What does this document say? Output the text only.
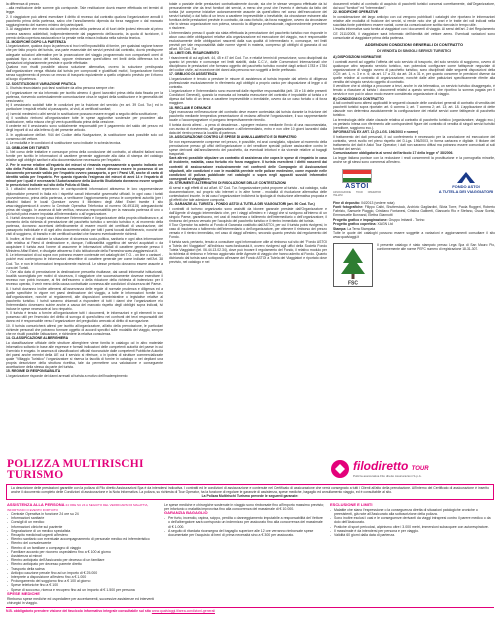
la differenza di prezzo.

...alla restituzione delle somme già corrisposte. Tale restituzione dovrà essere effettuata nei termini di legge.

2. Il viaggiatore può altresì esercitare il diritto di recesso dal contratto qualora l'organizzatore annulli il pacchetto prima della partenza, salvo che l'annullamento dipenda da forza maggiore o dal mancato raggiungimento del numero minimo dei partecipanti.

3. Al viaggiatore che receda dal contratto prima della partenza al di fuori delle ipotesi elencate al primo comma saranno addebitati, indipendentemente dal pagamento dell'acconto, la quota di iscrizione, il premio della copertura assicurativa e la penale nella misura indicata nella scheda tecnica.

11. MODIFICHE DOPO LA PARTENZA

L'organizzatore, qualora dopo la partenza si trovi nell'impossibilità di fornire, per qualsiasi ragione tranne che per fatto proprio del turista, una parte essenziale dei servizi previsti dal contratto, dovrà predisporre adeguate soluzioni alternative per la prosecuzione del viaggio programmato non comportanti oneri di qualsiasi tipo a carico del turista, oppure rimborsare quest'ultimo nei limiti della differenza tra le prestazioni originariamente previste e quelle effettuate.

Qualora non risulti possibile alcuna soluzione alternativa, ovvero la soluzione predisposta dall'organizzatore venga rifiutata dal turista per comprovati e giustificati motivi, l'organizzatore fornirà senza supplemento di prezzo un mezzo di trasporto equivalente a quello originario previsto per il ritorno al luogo di partenza.

12. SOSTITUZIONI E VARIAZIONE PRATICA

1. Il turista rinunciatario può farsi sostituire da altra persona sempre che:

a) l'organizzatore ne sia informato per iscritto almeno 4 giorni lavorativi prima della data fissata per la partenza, ricevendo contestualmente comunicazione circa le ragioni della sostituzione e le generalità del cessionario;

b) il cessionario soddisfi tutte le condizioni per la fruizione del servizio (ex art. 39 Cod. Tur.) ed in particolare i requisiti relativi al passaporto, ai visti, ai certificati sanitari;

c) i servizi medesimi o altri servizi in sostituzione possano essere erogati a seguito della sostituzione;

d) il sostituto rimborsi all'organizzatore tutte le spese aggiuntive sostenute per procedere alla sostituzione, nella misura che gli verrà quantificata prima della cessione.

Il cedente ed il cessionario sono solidalmente responsabili per il pagamento del saldo del prezzo ed degli importi di cui alla lettera d) del presente articolo.

3. In applicazione dell'art. 944 del Codice della Navigazione, la sostituzione sarà possibile solo col consenso del vettore.

4. Le modalità e le condizioni di sostituzione sono indicate in scheda tecnica.

13. OBBLIGHI DEI TURISTI

1. Nel corso delle trattative e comunque prima della conclusione del contratto, ai cittadini italiani sono fornite per iscritto le informazioni di carattere generale aggiornate alla data di stampa del catalogo relative agli obblighi sanitari e alla documentazione necessaria per l'espatrio.

2. Per le norme relative all'espatrio dei minori si rimanda espressamente a quanto indicato nel sito della Polizia di Stato. Si precisa comunque che i minori devono essere in possesso di un documento personale valido per l'espatrio ovvero passaporto, o per i Paesi UE, anche di carta di identità valida per l'espatrio. Per quanto riguarda l'esigenza dei minori di anni 14 e l'espatrio di minori per i quali è necessaria l'Autorizzazione della Autorità Giudiziaria dovranno essere seguite le prescrizioni indicate sul sito della Polizia di Stato.

3. I cittadini stranieri reperiranno le corrispondenti informazioni attraverso le loro rappresentanze diplomatiche presenti in Italia e/o i rispettivi canali informativi governativi ufficiali. In ogni caso i turisti provvederanno, prima della partenza, a verificarne l'aggiornamento presso le competenti autorità (per i cittadini italiani le locali Questure ovvero il Ministero degli Affari Esteri tramite il sito www.viaggiaresicuri.it ovvero la Centrale Operativa Telefonica al numero 06.491115) adeguandovisi prima del viaggio. In assenza di tale verifica, nessuna responsabilità per la mancata partenza di uno o più turisti potrà essere imputata all'intermediario o all'organizzatore.

4. I turisti dovranno in ogni caso informare l'intermediario e l'organizzatore della propria cittadinanza e, al momento della richiesta di prenotazione del pacchetto turistico o servizio turistico e, al momento della partenza, dovranno accertarsi definitivamente di essere muniti dei certificati di vaccinazione, del passaporto individuale e di ogni altro documento valido per tutti i paesi toccati dall'itinerario, nonché dei visti di soggiorno, di transito e dei certificati sanitari che fossero eventualmente richiesti.

5. Inoltre, al fine di valutare la situazione di sicurezza socio-politica, sanitaria e ogni altra informazione utile relativa ai Paesi di destinazione e, dunque, l'utilizzabilità oggettiva dei servizi acquistati o da acquistare il turista avrà l'onere di assumere le informazioni ufficiali di carattere generale presso il Ministero Affari Esteri, e divulgate attraverso il sito istituzionale della Farnesina www.viaggiaresicuri.it.

6. Le informazioni di cui sopra non potranno essere contenute nei cataloghi dei T.O. - on line o cartacei - poiché essi contengono le informazioni descrittive di carattere generale per come indicate nell'Art. 38 Cod. Tur. e non le informazioni temporalmente mutevoli. Le stesse pertanto dovranno essere assunte a cura dei Turisti.

7. Ove alla data di prenotazione la destinazione prescelta risultasse, dai canali informativi istituzionali, località sconsigliata per motivi di sicurezza, il viaggiatore che successivamente dovesse esercitare il recesso non potrà invocare, ai fini dell'esonero o della riduzione della richiesta di indennizzo per il recesso operato, il venir meno della causa contrattuale connessa alle condizioni di sicurezza del Paese.

8. I turisti dovranno inoltre attenersi all'osservanza delle regole di normale prudenza e diligenza ed a quelle specifiche in vigore nei paesi destinazione del viaggio, a tutte le informazioni fornite loro dall'organizzatore, nonché ai regolamenti, alle disposizioni amministrative o legislative relative al pacchetto turistico. I turisti saranno chiamati a rispondere di tutti i danni che l'organizzatore e/o l'intermediario dovessero subire anche a causa del mancato rispetto degli obblighi sopra indicati, ivi incluse le spese necessarie al loro rimpatrio.

9. Il turista è tenuto a fornire all'organizzatore tutti i documenti, le informazioni e gli elementi in suo possesso utili per l'esercizio del diritto di surroga di quest'ultimo nei confronti dei terzi responsabili del danno ed è responsabile verso l'organizzatore del pregiudizio arrecato al diritto di surrogazione.

10. Il turista comunicherà altresì per iscritto all'organizzatore, all'atto della prenotazione, le particolari richieste personali che potranno formare oggetto di accordi specifici sulle modalità del viaggio, sempre che ne risulti possibile l'attuazione, e richiedere la relativa consulenza.

14. CLASSIFICAZIONE ALBERGHIERA

La classificazione ufficiale delle strutture alberghiere viene fornita in catalogo od in altro materiale informativo soltanto in base alle espresse e formali indicazioni delle competenti autorità del paese in cui il servizio è erogato. In assenza di classificazioni ufficiali riconosciute dalle competenti Pubbliche Autorità dei paesi anche membri della UE cui il servizio si riferisce, o in ipotesi di strutture commercializzate quale "Villaggio Turistico" l'organizzatore si riserva la facoltà di fornire in catalogo o nel depliant una propria descrizione della struttura ricettiva, tale da permettere una valutazione e conseguente accettazione della stessa da parte del turista.

15. REGIME DI RESPONSABILITÀ

L'organizzatore risponde dei danni arrecati al turista a motivo dell'inadempimento

totale o parziale delle prestazioni contrattualmente dovute, sia che le stesse vengano effettuate da lui personalmente che da terzi fornitori dei servizi, a meno che provi che l'evento è derivato da fatto del turista (ivi comprese iniziative autonomamente assunte da quest'ultimo nel corso dell'esecuzione dei servizi turistici) o dal fatto di un terzo a carattere imprevedibile o inevitabile, da circostanze estranee alla fornitura delle prestazioni previste in contratto, da caso fortuito, da forza maggiore, ovvero da circostanze che lo stesso organizzatore non poteva, secondo la diligenza professionale, ragionevolmente prevedere o risolvere.

L'intermediario presso il quale sia stata effettuata la prenotazione del pacchetto turistico non risponde in alcun caso delle obbligazioni relative alla organizzazione ed esecuzione del viaggio, ma è responsabile esclusivamente delle obbligazioni nascenti dalla sua qualità di intermediario e, comunque, nei limiti previsti per tale responsabilità dalle norme vigenti in materia, compreso gli obblighi di garanzia di cui all'art. 50 Cod. Tur.

16. LIMITI DEL RISARCIMENTO

I risarcimenti di cui agli artt. 44, 45 e 47 del Cod. Tur. e relativi termini di prescrizione, sono disciplinati da quanto ivi previsto e comunque nei limiti stabiliti, dalla C.C.V., dalle Convenzioni Internazionali che disciplinano le prestazioni che formano oggetto del pacchetto turistico nonché dagli articoli 1783 e 1784 del codice civile, ad eccezione dei danni alla persona non soggetti a limite prefissato.

17. OBBLIGO DI ASSISTENZA

L'organizzatore è tenuto a prestare le misure di assistenza al turista imposte dal criterio di diligenza professionale esclusivamente in riferimento agli obblighi a proprio carico per disposizione di legge o di contratto.

L'organizzatore e l'intermediario sono esonerati dalle rispettive responsabilità (artt. 15 e 16 delle presenti Condizioni Generali), quando la mancata od inesatta esecuzione del contratto è imputabile al turista o è dipesa dal fatto di un terzo a carattere imprevedibile o inevitabile, ovvero da un caso fortuito o di forza maggiore.

18. RECLAMI E DENUNCE

Ogni mancanza nell'esecuzione del contratto deve essere contestata dal turista durante la fruizione del pacchetto mediante tempestiva presentazione di reclamo affinché l'organizzatore, il suo rappresentante locale o l'accompagnatore vi pongano tempestivamente rimedio.

Il turista dovrà altresì - a pena di decadenza - sporgere reclamo mediante l'invio di una raccomandata, con avviso di ricevimento, all'organizzatore o all'intermediario, entro e non oltre 10 giorni lavorativi dalla data del rientro presso la località di partenza.

19. ASSICURAZIONE CONTRO LE SPESE DI ANNULLAMENTO E DI RIMPATRIO

Se non espressamente comprese nel prezzo, è possibile, ed anzi consigliato, stipulare al momento della prenotazione presso gli uffici dell'organizzatore o del venditore speciali polizze assicurative contro le spese derivanti dall'annullamento del pacchetto, da eventuali infortuni e da vicende relative ai bagagli trasportati.

Sarà altresì possibile stipulare un contratto di assistenza che copra le spese di rimpatrio in caso di incidente, malattia, caso fortuito e/o forza maggiore. Il turista eserciterà i diritti nascenti dai contratti di assicurazione esclusivamente nei confronti delle Compagnie di Assicurazioni stipulanti, alle condizioni e con le modalità previste nelle polizze medesime, come esposte nelle condizioni di polizza pubblicate nei cataloghi o sopra negli appositi sussidi informativi consegnati al viaggiatore.

20. STRUMENTI ALTERNATIVI DI RISOLUZIONE DELLE CONTESTAZIONI

Ai sensi e agli effetti di cui all'art. 67 Cod. Tur. l'organizzatore potrà proporre al turista - sul catalogo, sulla documentazione, sul proprio sito internet o in altre forme - modalità di risoluzione alternativa delle contestazioni insorte. In tal caso l'organizzatore indicherà la tipologia di risoluzione alternativa proposta e gli effetti che tale adesione comporta.

21. GARANZIE AL TURISTA - FONDO ASTOI A TUTELA DEI VIAGGIATORI (art. 50 Cod. Tur.)

I contratti di turismo organizzato sono assistiti da idonee garanzie prestate dall'Organizzatore e dall'Agente di viaggio intermediario che, per i viaggi all'estero e i viaggi che si svolgono all'interno di un singolo Paese, garantiscono, nei casi di insolvenza o fallimento dell'intermediario o dell'organizzatore, il rimborso del prezzo versato per l'acquisto del pacchetto turistico e il rientro immediato del turista.

Il Tour Operator ha aderito al Fondo di Garanzia costituito dall'ASTOI, per cui il turista potrà rivolgersi, in caso di insolvenza o fallimento dell'intermediario o dell'organizzatore, per ottenere il rimborso del prezzo versato e il rientro immediato, nel caso di viaggi all'estero, secondo quanto previsto dal regolamento del Fondo.

Il turista sarà, pertanto, tenuto a consultare ogni informazione utile al rimborso sul sito del "Fondo ASTOI a Tutela dei Viaggiatori" all'indirizzo www.fondoastoi.it, ovvero rivolgersi agli uffici della Società Fondo Tutela Viaggiatori (tel. 06.44.13.02.34), dove può trovare il regolamento del Fondo, il relativo modulo per la richiesta di rimborso e l'elenco aggiornato delle Agenzie di viaggio che hanno aderito al Fondo. Quanto dichiarato dal turista sarà sottoposto all'esame del Fondo ASTOI a Tutela dei Viaggiatori e riportato dove previsto, nel catalogo e nei

documenti relativi al contratto di acquisto di pacchetti turistici concessi correttamente, dall'Organizzatore, dai suoi "fornitori" ed "Intermediari".

22. MODIFICHE OPERATIVE

In considerazione del largo anticipo con cui vengono pubblicati i cataloghi che riportano le informazioni relative alle modalità di fruizione dei servizi, si rende noto che gli orari e le tratte dei voli indicati nella succitata fonte potrebbero essere variati, come da comunicazione scritta ricevuta in tempo utile.

L'esatta informativa sarà fornita ai viaggiatori con i documenti di viaggio. Ai sensi dell'art. 2 del Regolamento CE 2111/2005, il viaggiatore sarà informato dell'identità del vettore aereo. Eventuali variazioni sono comunicate al viaggiatore prima della partenza.

ADDENDUM CONDIZIONI GENERALI DI CONTRATTO
DI VENDITA DI SINGOLI SERVIZI TURISTICI

A) DISPOSIZIONI NORMATIVE

I contratti aventi ad oggetto l'offerta del solo servizio di trasporto, del solo servizio di soggiorno, ovvero di qualunque altro separato servizio turistico, non potendosi configurare come fattispecie negoziale di organizzazione di viaggio ovvero di pacchetto turistico, sono disciplinati dalle seguenti disposizioni della CCV: art. 1, n. 3 e n. 6; da art. 17 a 23; da art. 24 a 31 e, per quanto concerne le previsioni diverse da quelle relative al contratto di organizzazione, nonché dalle altre pattuizioni specificamente riferite alla vendita del singolo servizio oggetto di contratto.

Il venditore che si obbliga a procurare a terzi, anche in via telematica, un servizio turistico disaggregato, è tenuto a rilasciare al turista i documenti relativi a questo servizio, che riportino la somma pagata per il servizio e non può in alcun modo essere considerato organizzatore di viaggio.

B) CONDIZIONI DI CONTRATTO

A tali contratti sono altresì applicabili le seguenti clausole delle condizioni generali di contratto di vendita dei pacchetti turistici sopra riportate: art. 6 comma 1; art. 7 comma 2; art. 13; art. 18. L'applicazione di dette clausole non determina assolutamente la configurazione dei relativi servizi come fattispecie di pacchetto turistico.

La terminologia delle citate clausole relativa al contratto di pacchetto turistico (organizzatore, viaggio ecc.) va pertanto intesa con riferimento alle corrispondenti figure del contratto di vendita di singoli servizi turistici (venditore, soggiorno ecc.).

INFORMATIVA EX ART. 13 (D.LGS. 196/2003 e norme)

Il trattamento dei dati personali, il cui conferimento è necessario per la conclusione ed esecuzione del contratto, verrà svolto nel pieno rispetto del D.Lgs. 196/2003, in forma cartacea e digitale. Il titolare del trattamento dei dati è Astoi Tour Operator; i dati non saranno diffusi ma potranno essere comunicati ai soli fornitori dei servizi.

Comunicazione obbligatoria ai sensi dell'articolo 17 della legge n° 38/2006.

La legge italiana punisce con la reclusione i reati concernenti la prostituzione e la pornografia minorile, anche se gli stessi sono commessi all'estero.

ASTOI
ASSOCIAZIONE TOUR OPERATOR ITALIANI
FONDO ASTOI
A TUTELA DEI VIAGGIATORI

Fine di deposito: 04/2013 (vedere nota)

Fonti fotografiche: Filippo Calbi, Shutterstock, Archivio Gagliardini, Silvia Torre, Paola Ruggeri, Roberto Fabrizio, Samuele Piaggio, Cristiano Fontanesi, Cristina Galiberti, Giancarlo Rio e Stefano, Oscar Scelsi, Emmanuelle Bonnand, Elettra Giannotti

Progetto grafico e impaginazione: Gruppo Imbardi - Torino

Progetto grafico copertina: XAGN Ltd

Stampa: La Terra Stampata

Tutte le quote dei cataloghi possono essere soggette a variazioni e aggiornamenti consultare il sito www.qualviaggi.it

FSC
Il presente catalogo è stato stampato presso Lega Spa di San Mauro Pio, conformemente alle norme PEFC numero di registrazione 18-31-307.
POLIZZA MULTIRISCHI
TURISMO
filodiretto TOUR
Polizza assicurativa Filo diretto Assicurazioni S.p.A.

La descrizione delle prestazioni garantite con la polizza di Filo diretto Assicurazioni Spa è da intendersi indicativa. I contratti ed le condizioni di assicurazione e contenute nel Certificato di assicurazione che verrà consegnato a tutti i Clienti all'atto della prenotazione. All'interno del Certificato di assicurazione è inserito anche il documento completo delle Condizioni di assicurazione e la Nota Informativa. La polizza, su richiesta di Tour Operator, ha la funzione di regolare le garanzie di assistenza, spese mediche, bagaglio ed annullamento viaggio, ed è consultabile al sito.

La Polizza Multirischi Turismo prevede le seguenti garanzie:

ASSISTENZA ALLA PERSONA 24 ORE SU 24 A SEGUITO DEL VERIFICARSI DI MALATTIA, INFORTUNIO O EVENTO FORTUITO
- Centrale Operativa in funzione 24 ore su 24
- Informazioni sanitarie
- Consigli di un medico
- Informazioni cliniche sul paziente
- Segnalazione di un medico specialista
- Recapito medicinali urgenti all'estero
- Rientro sanitario con eventuale accompagnamento di personale medico ed infermieristico
- Rientro del convalescente
- Rientro di un familiare o compagno di viaggio
- Familiare accanto per ricovero ospedaliero fino a € 100 al giorno
- Assistenza ai minori
- Rientro anticipato dell'Assicurato per decesso di un familiare
- Rientro anticipato per decesso parente diretto
- Trasporto della salma
- Anticipo cauzione penale fino ad un importo di € 25.000
- Interprete a disposizione all'estero fino a € 1.000
- Prolungamento del soggiorno fino a € 100 al giorno
- Spese telefoniche fino a € 100
- Spese di soccorso, ricerca e recupero fino ad un importo di € 1.500 per persona
SPESE MEDICHE
Rimborso spese mediche ed ospedaliere per accertamenti, successive assistenze ed interventi chirurgici in viaggio.
Le spese mediche e chirurgiche sostenute in viaggio sono rimborsate fino all'importo massimo previsto; per infortunio o malattia improvvisa fino alla concorrenza del massimale di € 10.000.
GARANZIA BAGAGLIO
- Per furto, incendio, rapina, scippo, perdita o danneggiamento imputabile a responsabilità del Vettore o dell'albergatore sarà corrisposto un indennizzo per assicurato fino alla concorrenza del massimale di € 1.000.
- A seguito di ritardata riconsegna del bagaglio superiore alle 12 ore verranno rimborsate spese documentate per l'acquisto di beni di prima necessità sino a € 300 per assicurato.
ESCLUSIONE E LIMITI
- Malattie che siano l'espressione o la conseguenza diretta di situazioni patologiche croniche o preesistenti, già note all'Assicurato alla sottoscrizione della polizza.
- Sono inoltre esclusi i casi e le conseguenze derivanti da viaggi intrapresi contro il parere medico o da dolo dell'Assicurato.
- Pratiche di sport pericolosi, alpinismo oltre i 3.000 metri, immersioni subacquee con autorespiratore.
- Il massimale è da intendersi per persona e per viaggio.
- Validità 60 giorni dalla data di partenza.
N.B. obbligatorio prendere visione del fascicolo informativo integrale consultabile sul sito www.qualviaggi.it/area-condizioni-generali
